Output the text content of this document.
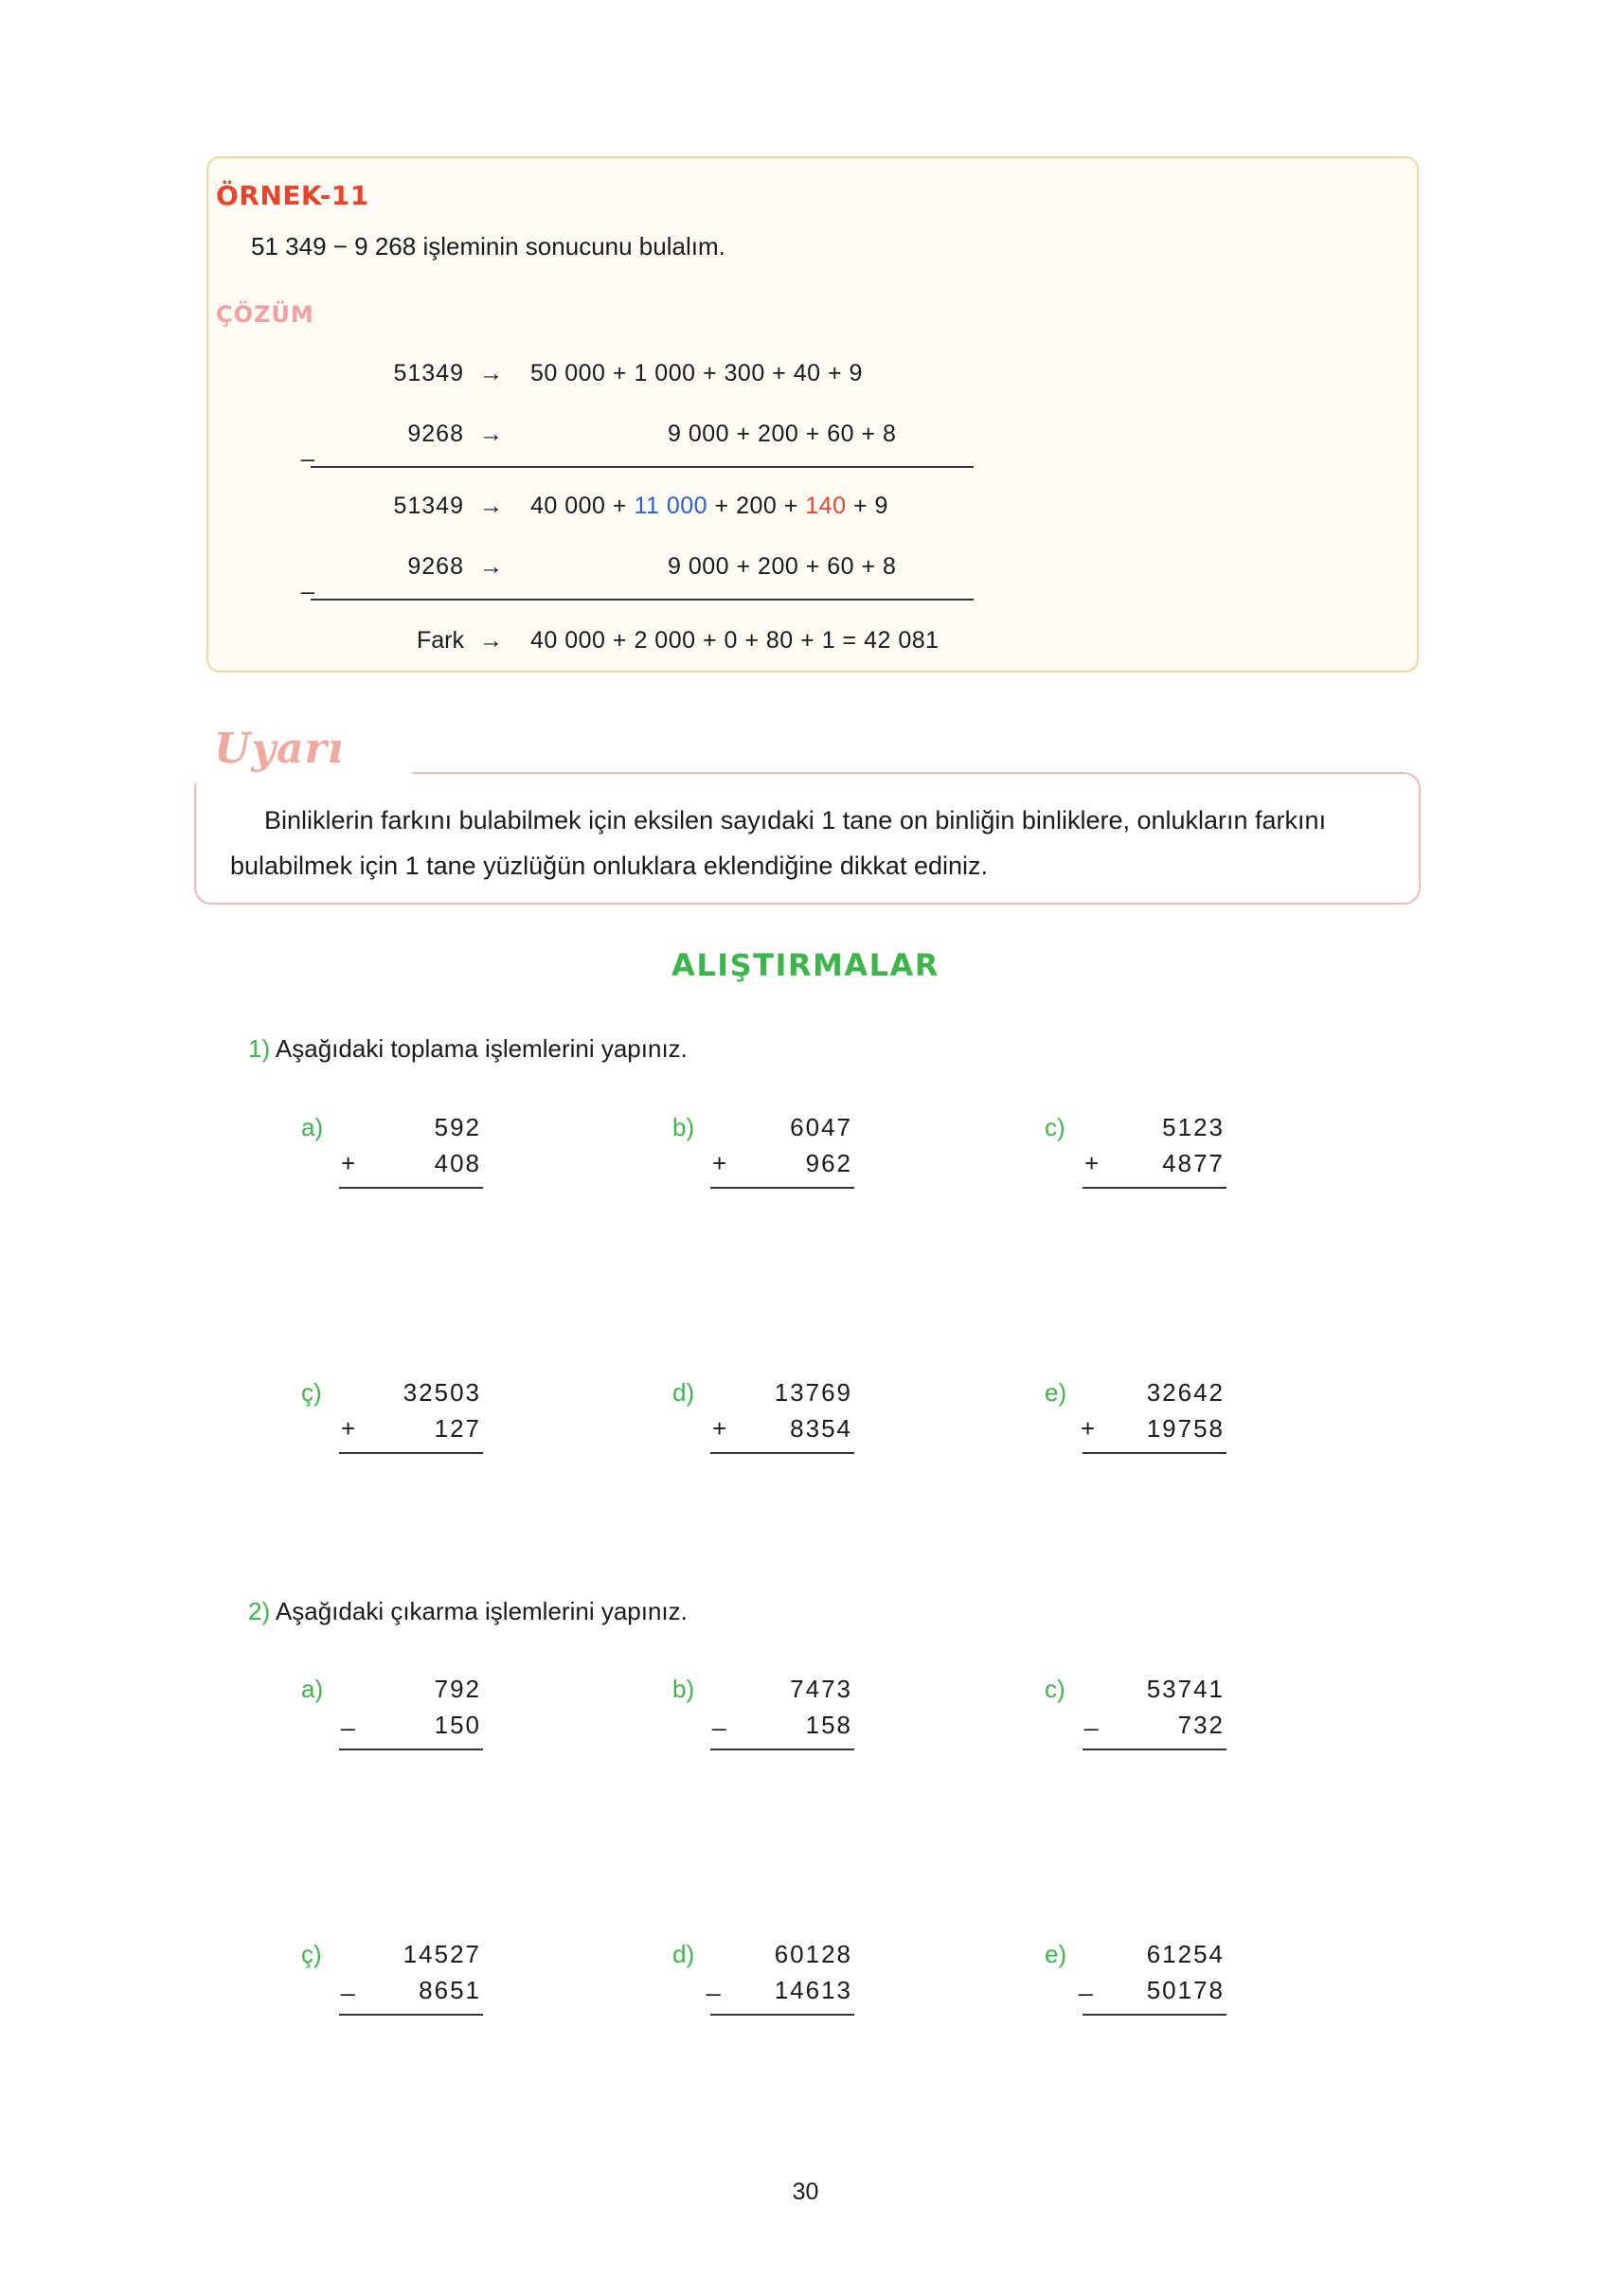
ÖRNEK-11
51 349 − 9 268 işleminin sonucunu bulalım.
ÇÖZÜM
51349 → 50 000 + 1 000 + 300 + 40 + 9
_
9268 →	9 000 + 200 + 60 + 8
51349 → 40 000 + 11 000 + 200 + 140 + 9
_
9268 →	9 000 + 200 + 60 + 8
Fark → 40 000 + 2 000 + 0 + 80 + 1 = 42 081
Uyarı
Binliklerin farkını bulabilmek için eksilen sayıdaki 1 tane on binliğin binliklere, onlukların farkını bulabilmek için 1 tane yüzlüğün onluklara eklendiğine dikkat ediniz.
ALIŞTIRMALAR
1) Aşağıdaki toplama işlemlerini yapınız.
a)	592
+	408
b)	6047
+	962
c)	5123
+	4877
ç)	32503
+	127
d)	13769
+	8354
e)	32642
+	19758
2) Aşağıdaki çıkarma işlemlerini yapınız.
a)	792
_	150
b)	7473
_	158
c)	53741
_	732
ç)	14527
_	8651
d)	60128
_	14613
e)	61254
_	50178
30
